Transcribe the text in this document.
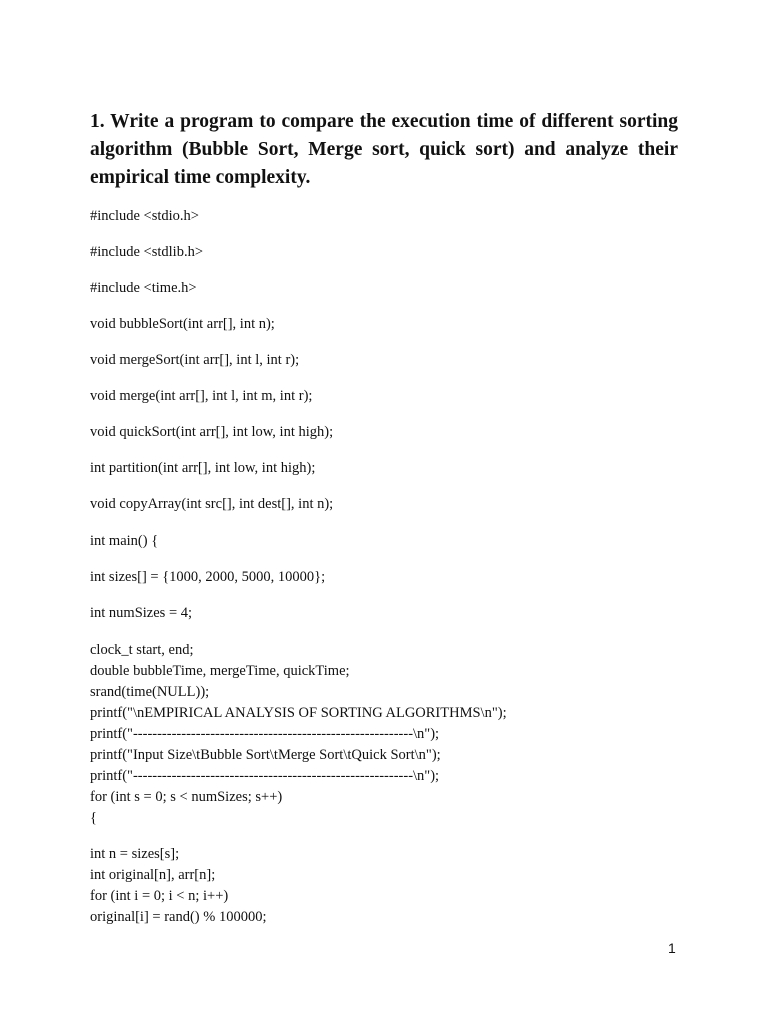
1. Write a program to compare the execution time of different sorting algorithm (Bubble Sort, Merge sort, quick sort) and analyze their empirical time complexity.

#include <stdio.h>

#include <stdlib.h>

#include <time.h>

void bubbleSort(int arr[], int n);

void mergeSort(int arr[], int l, int r);

void merge(int arr[], int l, int m, int r);

void quickSort(int arr[], int low, int high);

int partition(int arr[], int low, int high);

void copyArray(int src[], int dest[], int n);

int main() {

int sizes[] = {1000, 2000, 5000, 10000};

int numSizes = 4;

clock_t start, end;

double bubbleTime, mergeTime, quickTime;

srand(time(NULL));

printf("\nEMPIRICAL ANALYSIS OF SORTING ALGORITHMS\n");

printf("----------------------------------------------------------\n");

printf("Input Size\tBubble Sort\tMerge Sort\tQuick Sort\n");

printf("----------------------------------------------------------\n");

for (int s = 0; s < numSizes; s++)

{

int n = sizes[s];

int original[n], arr[n];

for (int i = 0; i < n; i++)

original[i] = rand() % 100000;

1
